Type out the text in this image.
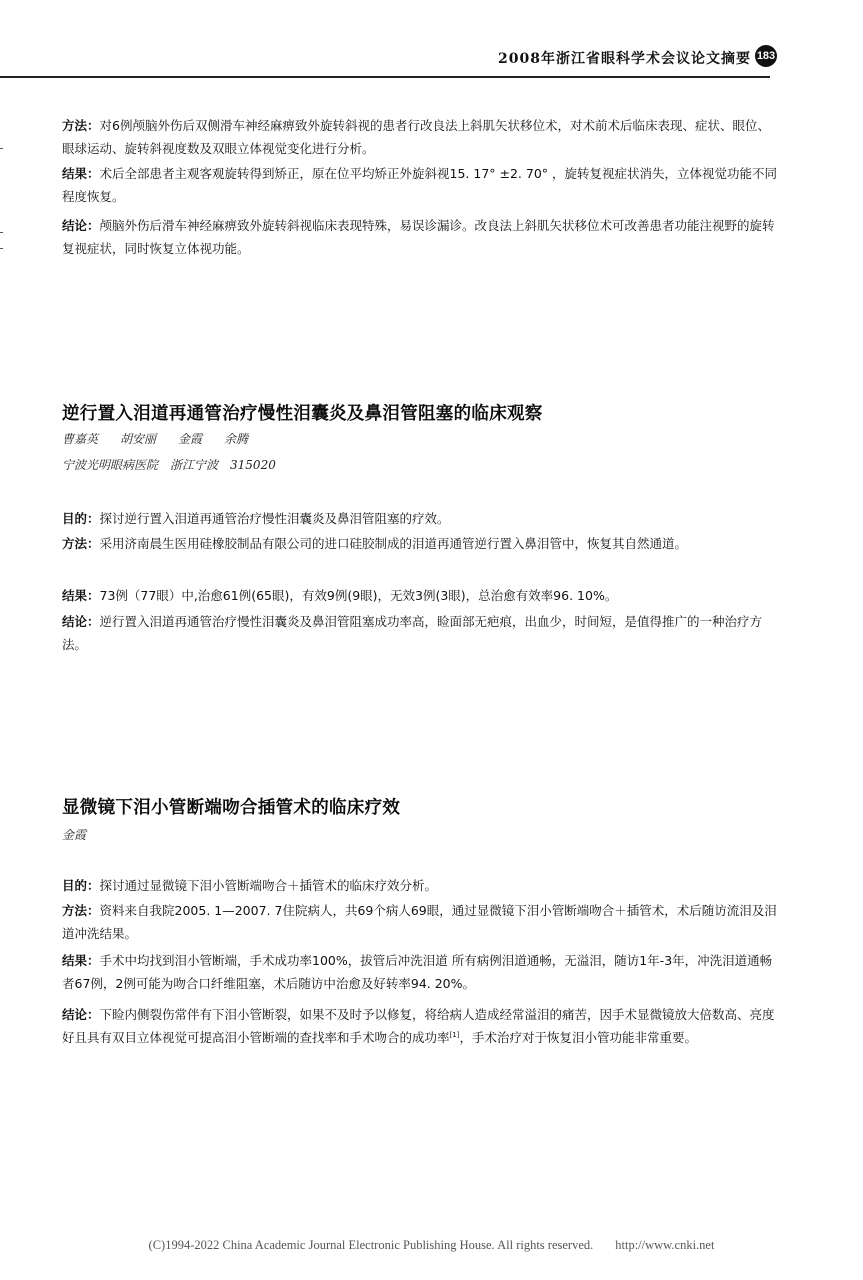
2008年浙江省眼科学术会议论文摘要 183
方法：对6例颅脑外伤后双侧滑车神经麻痹致外旋转斜视的患者行改良法上斜肌矢状移位术，对术前术后临床表现、症状、眼位、眼球运动、旋转斜视度数及双眼立体视觉变化进行分析。
结果：术后全部患者主观客观旋转得到矫正，原在位平均矫正外旋斜视15. 17° ±2. 70° ，旋转复视症状消失，立体视觉功能不同程度恢复。
结论：颅脑外伤后滑车神经麻痹致外旋转斜视临床表现特殊，易误诊漏诊。改良法上斜肌矢状移位术可改善患者功能注视野的旋转复视症状，同时恢复立体视功能。
逆行置入泪道再通管治疗慢性泪囊炎及鼻泪管阻塞的临床观察
曹嘉英 胡安丽 金霞 余腾
宁波光明眼病医院 浙江宁波 315020
目的：探讨逆行置入泪道再通管治疗慢性泪囊炎及鼻泪管阻塞的疗效。
方法：采用济南晨生医用硅橡胶制品有限公司的进口硅胶制成的泪道再通管逆行置入鼻泪管中，恢复其自然通道。
结果：73例（77眼）中,治愈61例(65眼)，有效9例(9眼)，无效3例(3眼)，总治愈有效率96. 10%。
结论：逆行置入泪道再通管治疗慢性泪囊炎及鼻泪管阻塞成功率高，睑面部无疤痕，出血少，时间短，是值得推广的一种治疗方法。
显微镜下泪小管断端吻合插管术的临床疗效
金霞
目的：探讨通过显微镜下泪小管断端吻合＋插管术的临床疗效分析。
方法：资料来自我院2005. 1—2007. 7住院病人，共69个病人69眼，通过显微镜下泪小管断端吻合＋插管术，术后随访流泪及泪道冲洗结果。
结果：手术中均找到泪小管断端，手术成功率100%，拔管后冲洗泪道 所有病例泪道通畅，无溢泪，随访1年-3年，冲洗泪道通畅者67例，2例可能为吻合口纤维阻塞，术后随访中治愈及好转率94. 20%。
结论：下睑内侧裂伤常伴有下泪小管断裂，如果不及时予以修复，将给病人造成经常溢泪的痛苦，因手术显微镜放大倍数高、亮度好且具有双目立体视觉可提高泪小管断端的查找率和手术吻合的成功率[1]，手术治疗对于恢复泪小管功能非常重要。
(C)1994-2022 China Academic Journal Electronic Publishing House. All rights reserved. http://www.cnki.net
